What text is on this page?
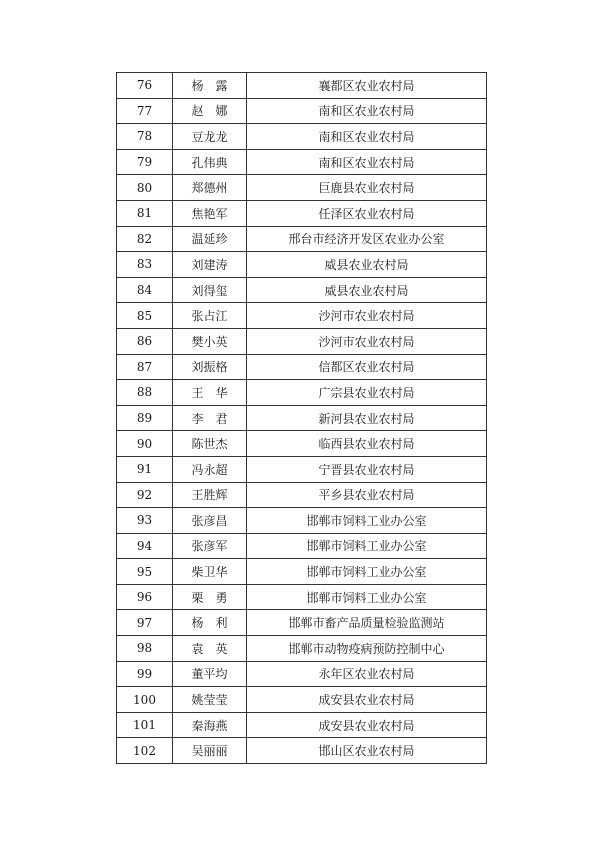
76	杨　露	襄都区农业农村局
77	赵　娜	南和区农业农村局
78	豆龙龙	南和区农业农村局
79	孔伟典	南和区农业农村局
80	郑德州	巨鹿县农业农村局
81	焦艳军	任泽区农业农村局
82	温延珍	邢台市经济开发区农业办公室
83	刘建涛	威县农业农村局
84	刘得玺	威县农业农村局
85	张占江	沙河市农业农村局
86	樊小英	沙河市农业农村局
87	刘振格	信都区农业农村局
88	王　华	广宗县农业农村局
89	李　君	新河县农业农村局
90	陈世杰	临西县农业农村局
91	冯永超	宁晋县农业农村局
92	王胜辉	平乡县农业农村局
93	张彦昌	邯郸市饲料工业办公室
94	张彦军	邯郸市饲料工业办公室
95	柴卫华	邯郸市饲料工业办公室
96	栗　勇	邯郸市饲料工业办公室
97	杨　利	邯郸市畜产品质量检验监测站
98	袁　英	邯郸市动物疫病预防控制中心
99	董平均	永年区农业农村局
100	姚莹莹	成安县农业农村局
101	秦海燕	成安县农业农村局
102	吴丽丽	邯山区农业农村局
